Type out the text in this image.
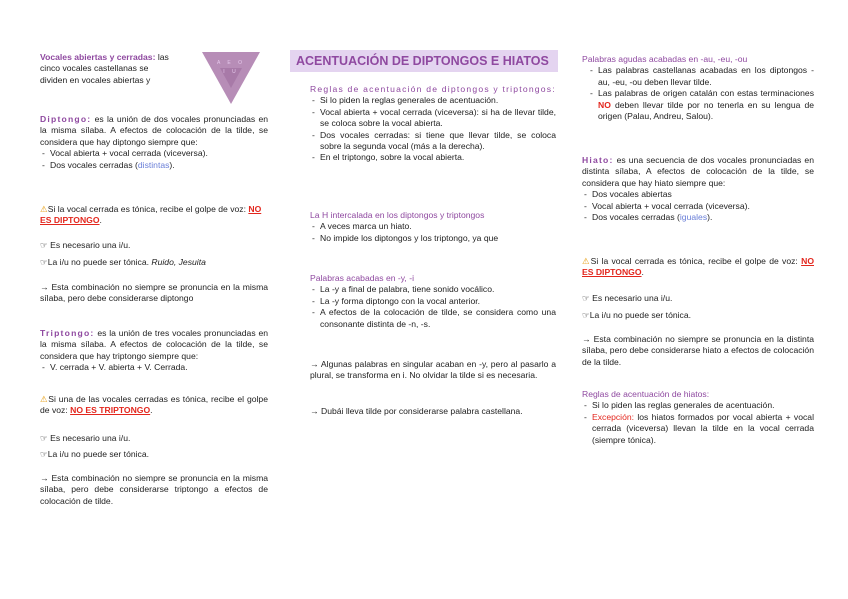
Vocales abiertas y cerradas: las
cinco vocales castellanas se
dividen en vocales abiertas y

A E O
I U

Diptongo: es la unión de dos vocales pronunciadas en la misma sílaba. A efectos de colocación de la tilde, se considera que hay diptongo siempre que:

- Vocal abierta + vocal cerrada (viceversa).
- Dos vocales cerradas (distintas).

⚠Si la vocal cerrada es tónica, recibe el golpe de voz: NO ES DIPTONGO.

☞ Es necesario una i/u.

☞La i/u no puede ser tónica. Ruido, Jesuita

→ Esta combinación no siempre se pronuncia en la misma sílaba, pero debe considerarse diptongo

Triptongo: es la unión de tres vocales pronunciadas en la misma sílaba. A efectos de colocación de la tilde, se considera que hay triptongo siempre que:

- V. cerrada + V. abierta + V. Cerrada.

⚠Si una de las vocales cerradas es tónica, recibe el golpe de voz: NO ES TRIPTONGO.

☞ Es necesario una i/u.

☞La i/u no puede ser tónica.

→ Esta combinación no siempre se pronuncia en la misma sílaba, pero debe considerarse triptongo a efectos de colocación de tilde.

ACENTUACIÓN DE DIPTONGOS E HIATOS

Reglas de acentuación de diptongos y triptongos:

- Si lo piden la reglas generales de acentuación.
- Vocal abierta + vocal cerrada (viceversa): si ha de llevar tilde, se coloca sobre la vocal abierta.
- Dos vocales cerradas: si tiene que llevar tilde, se coloca sobre la segunda vocal (más a la derecha).
- En el triptongo, sobre la vocal abierta.

La H intercalada en los diptongos y triptongos

- A veces marca un hiato.
- No impide los diptongos y los triptongo, ya que

Palabras acabadas en -y, -i

- La -y a final de palabra, tiene sonido vocálico.
- La -y forma diptongo con la vocal anterior.
- A efectos de la colocación de tilde, se considera como una consonante distinta de -n, -s.

→ Algunas palabras en singular acaban en -y, pero al pasarlo a plural, se transforma en i. No olvidar la tilde si es necesaria.

→ Dubái lleva tilde por considerarse palabra castellana.

Palabras agudas acabadas en -au, -eu, -ou

- Las palabras castellanas acabadas en los diptongos -au, -eu, -ou deben llevar tilde.
- Las palabras de origen catalán con estas terminaciones NO deben llevar tilde por no tenerla en su lengua de origen (Palau, Andreu, Salou).

Hiato: es una secuencia de dos vocales pronunciadas en distinta sílaba, A efectos de colocación de la tilde, se considera que hay hiato siempre que:

- Dos vocales abiertas
- Vocal abierta + vocal cerrada (viceversa).
- Dos vocales cerradas (iguales).

⚠Si la vocal cerrada es tónica, recibe el golpe de voz: NO ES DIPTONGO.

☞ Es necesario una i/u.

☞La i/u no puede ser tónica.

→ Esta combinación no siempre se pronuncia en la distinta sílaba, pero debe considerarse hiato a efectos de colocación de la tilde.

Reglas de acentuación de hiatos:

- Si lo piden las reglas generales de acentuación.
- Excepción: los hiatos formados por vocal abierta + vocal cerrada (viceversa) llevan la tilde en la vocal cerrada (siempre tónica).
